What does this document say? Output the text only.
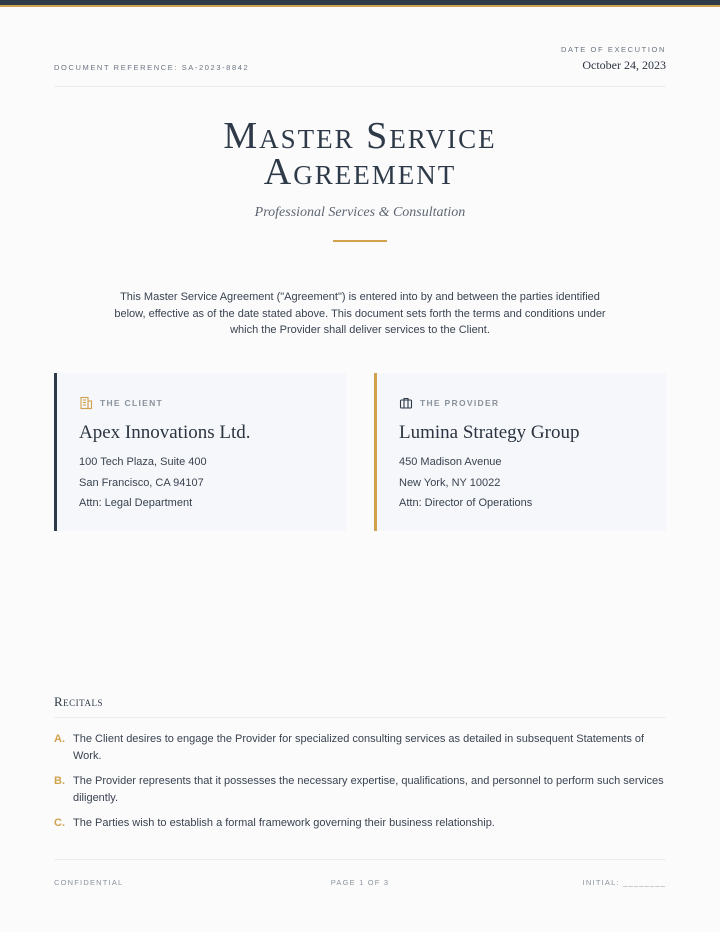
DOCUMENT REFERENCE: SA-2023-8842
DATE OF EXECUTION
October 24, 2023
Master Service
Agreement
Professional Services & Consultation

This Master Service Agreement ("Agreement") is entered into by and between the parties identified below, effective as of the date stated above. This document sets forth the terms and conditions under which the Provider shall deliver services to the Client.

THE CLIENT
Apex Innovations Ltd.
100 Tech Plaza, Suite 400
San Francisco, CA 94107
Attn: Legal Department
THE PROVIDER
Lumina Strategy Group
450 Madison Avenue
New York, NY 10022
Attn: Director of Operations
Recitals
A. The Client desires to engage the Provider for specialized consulting services as detailed in subsequent Statements of Work.
B. The Provider represents that it possesses the necessary expertise, qualifications, and personnel to perform such services diligently.
C. The Parties wish to establish a formal framework governing their business relationship.
CONFIDENTIAL	PAGE 1 OF 3	INITIAL: ________
